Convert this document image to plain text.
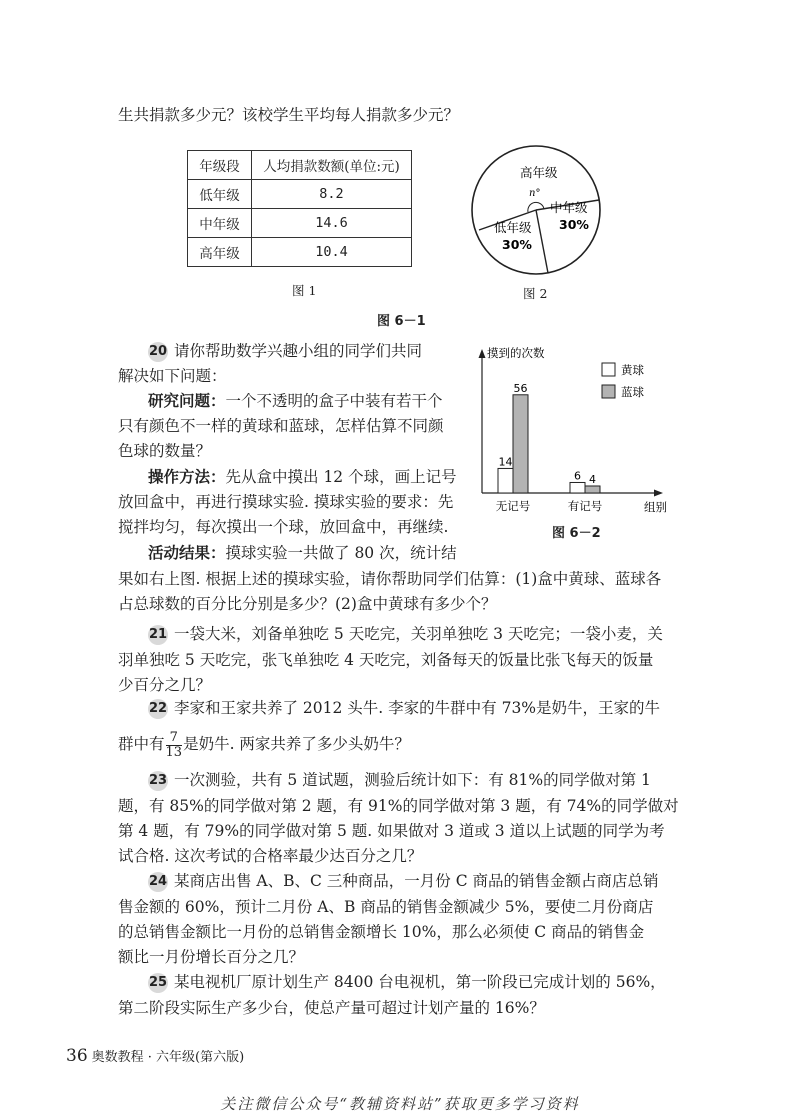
生共捐款多少元？该校学生平均每人捐款多少元？
年级段	人均捐款数额(单位:元)
低年级	8.2
中年级	14.6
高年级	10.4
图 1
高年级
n°
中年级
30%
低年级
30%
图 2
图 6－1
20 请你帮助数学兴趣小组的同学们共同
解决如下问题：
研究问题：一个不透明的盒子中装有若干个
只有颜色不一样的黄球和蓝球，怎样估算不同颜
色球的数量？
操作方法：先从盒中摸出 12 个球，画上记号
放回盒中，再进行摸球实验. 摸球实验的要求：先
搅拌均匀，每次摸出一个球，放回盒中，再继续.
活动结果：摸球实验一共做了 80 次，统计结
果如右上图. 根据上述的摸球实验，请你帮助同学们估算：(1)盒中黄球、蓝球各
占总球数的百分比分别是多少？(2)盒中黄球有多少个？
摸到的次数
组别
黄球
蓝球
14
56
无记号
6 4
有记号
图 6－2
21 一袋大米，刘备单独吃 5 天吃完，关羽单独吃 3 天吃完；一袋小麦，关
羽单独吃 5 天吃完，张飞单独吃 4 天吃完，刘备每天的饭量比张飞每天的饭量
少百分之几？
22 李家和王家共养了 2012 头牛. 李家的牛群中有 73%是奶牛，王家的牛
群中有 $\frac{7}{13}$ 是奶牛. 两家共养了多少头奶牛？
23 一次测验，共有 5 道试题，测验后统计如下：有 81%的同学做对第 1
题，有 85%的同学做对第 2 题，有 91%的同学做对第 3 题，有 74%的同学做对
第 4 题，有 79%的同学做对第 5 题. 如果做对 3 道或 3 道以上试题的同学为考
试合格. 这次考试的合格率最少达百分之几？
24 某商店出售 A、B、C 三种商品，一月份 C 商品的销售金额占商店总销
售金额的 60%，预计二月份 A、B 商品的销售金额减少 5%，要使二月份商店
的总销售金额比一月份的总销售金额增长 10%，那么必须使 C 商品的销售金
额比一月份增长百分之几？
25 某电视机厂原计划生产 8400 台电视机，第一阶段已完成计划的 56%，
第二阶段实际生产多少台，使总产量可超过计划产量的 16%？
36 奥数教程 · 六年级(第六版)
关注微信公众号“教辅资料站”获取更多学习资料
